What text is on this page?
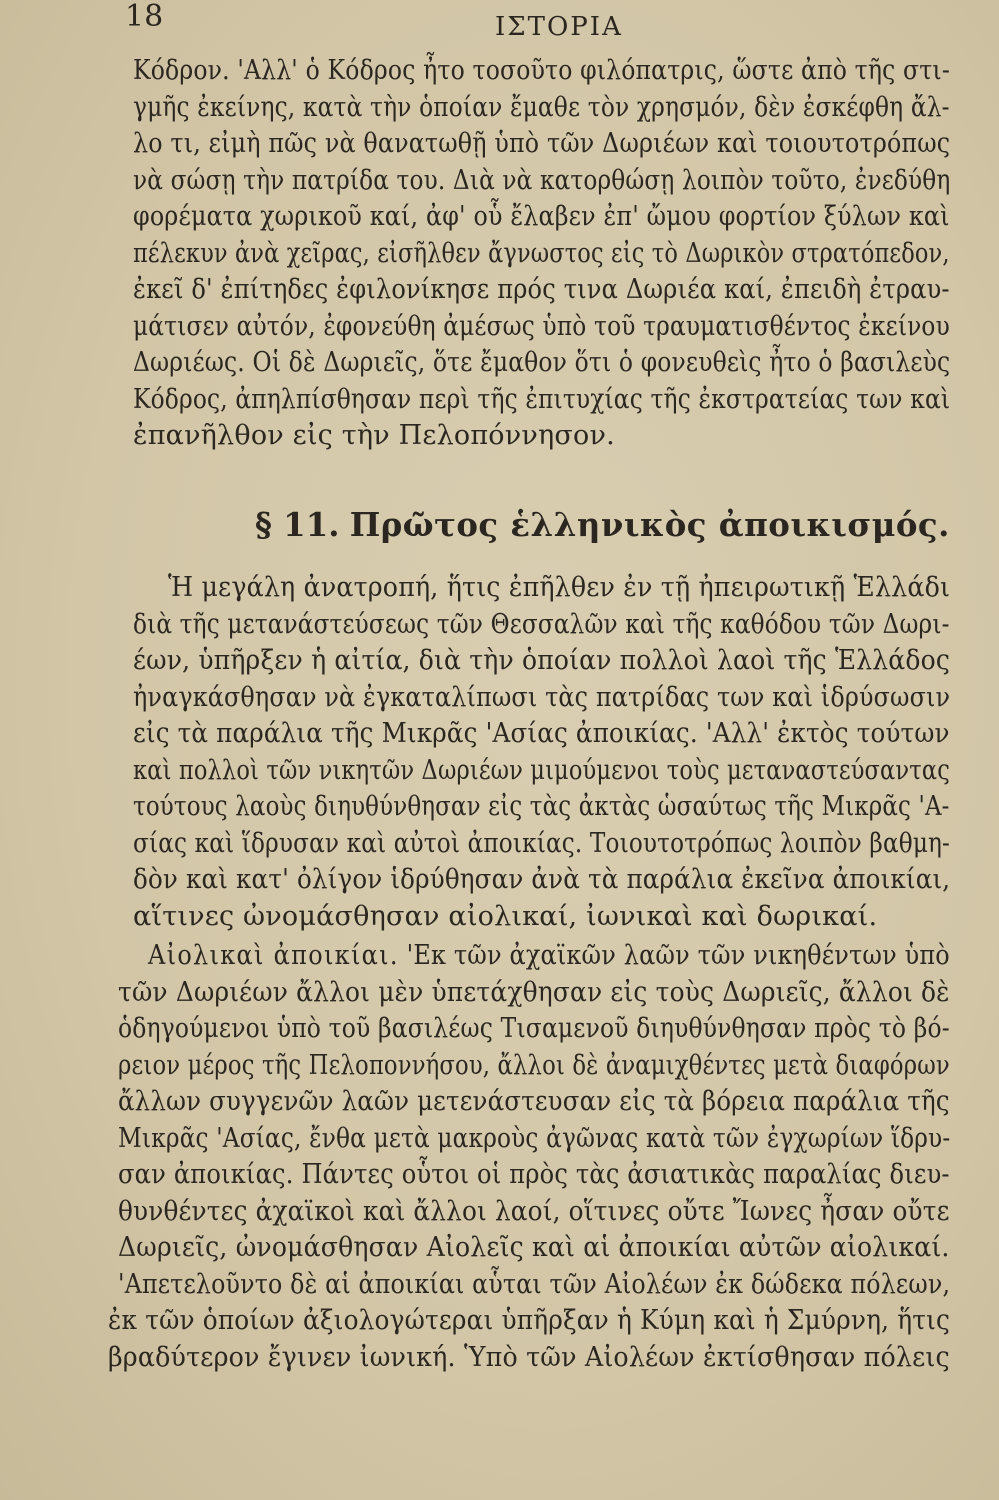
18	ΙΣΤΟΡΙΑ
Κόδρον. 'Αλλ' ὁ Κόδρος ἦτο τοσοῦτο φιλόπατρις, ὥστε ἀπὸ τῆς στι-
γμῆς ἐκείνης, κατὰ τὴν ὁποίαν ἔμαθε τὸν χρησμόν, δὲν ἐσκέφθη ἄλ-
λο τι, εἰμὴ πῶς νὰ θανατωθῇ ὑπὸ τῶν Δωριέων καὶ τοιουτοτρόπως
νὰ σώσῃ τὴν πατρίδα του. Διὰ νὰ κατορθώσῃ λοιπὸν τοῦτο, ἐνεδύθη
φορέματα χωρικοῦ καί, ἀφ' οὗ ἔλαβεν ἐπ' ὤμου φορτίον ξύλων καὶ
πέλεκυν ἀνὰ χεῖρας, εἰσῆλθεν ἄγνωστος εἰς τὸ Δωρικὸν στρατόπεδον,
ἐκεῖ δ' ἐπίτηδες ἐφιλονίκησε πρός τινα Δωριέα καί, ἐπειδὴ ἐτραυ-
μάτισεν αὐτόν, ἐφονεύθη ἀμέσως ὑπὸ τοῦ τραυματισθέντος ἐκείνου
Δωριέως. Οἱ δὲ Δωριεῖς, ὅτε ἔμαθον ὅτι ὁ φονευθεὶς ἦτο ὁ βασιλεὺς
Κόδρος, ἀπηλπίσθησαν περὶ τῆς ἐπιτυχίας τῆς ἐκστρατείας των καὶ
ἐπανῆλθον εἰς τὴν Πελοπόννησον.
§ 11. Πρῶτος ἑλληνικὸς ἀποικισμός.
Ἡ μεγάλη ἀνατροπή, ἥτις ἐπῆλθεν ἐν τῇ ἠπειρωτικῇ Ἑλλάδι
διὰ τῆς μετανάστεύσεως τῶν Θεσσαλῶν καὶ τῆς καθόδου τῶν Δωρι-
έων, ὑπῆρξεν ἡ αἰτία, διὰ τὴν ὁποίαν πολλοὶ λαοὶ τῆς Ἑλλάδος
ἠναγκάσθησαν νὰ ἐγκαταλίπωσι τὰς πατρίδας των καὶ ἱδρύσωσιν
εἰς τὰ παράλια τῆς Μικρᾶς 'Ασίας ἀποικίας. 'Αλλ' ἐκτὸς τούτων
καὶ πολλοὶ τῶν νικητῶν Δωριέων μιμούμενοι τοὺς μεταναστεύσαντας
τούτους λαοὺς διηυθύνθησαν εἰς τὰς ἀκτὰς ὡσαύτως τῆς Μικρᾶς 'Α-
σίας καὶ ἵδρυσαν καὶ αὐτοὶ ἀποικίας. Τοιουτοτρόπως λοιπὸν βαθμη-
δὸν καὶ κατ' ὀλίγον ἱδρύθησαν ἀνὰ τὰ παράλια ἐκεῖνα ἀποικίαι,
αἵτινες ὠνομάσθησαν αἰολικαί, ἰωνικαὶ καὶ δωρικαί.
Αἰολικαὶ ἀποικίαι. 'Εκ τῶν ἀχαϊκῶν λαῶν τῶν νικηθέντων ὑπὸ
τῶν Δωριέων ἄλλοι μὲν ὑπετάχθησαν εἰς τοὺς Δωριεῖς, ἄλλοι δὲ
ὁδηγούμενοι ὑπὸ τοῦ βασιλέως Τισαμενοῦ διηυθύνθησαν πρὸς τὸ βό-
ρειον μέρος τῆς Πελοποννήσου, ἄλλοι δὲ ἀναμιχθέντες μετὰ διαφόρων
ἄλλων συγγενῶν λαῶν μετενάστευσαν εἰς τὰ βόρεια παράλια τῆς
Μικρᾶς 'Ασίας, ἔνθα μετὰ μακροὺς ἀγῶνας κατὰ τῶν ἐγχωρίων ἵδρυ-
σαν ἀποικίας. Πάντες οὗτοι οἱ πρὸς τὰς ἀσιατικὰς παραλίας διευ-
θυνθέντες ἀχαϊκοὶ καὶ ἄλλοι λαοί, οἵτινες οὔτε Ἴωνες ἦσαν οὔτε
Δωριεῖς, ὠνομάσθησαν Αἰολεῖς καὶ αἱ ἀποικίαι αὐτῶν αἰολικαί.
'Απετελοῦντο δὲ αἱ ἀποικίαι αὗται τῶν Αἰολέων ἐκ δώδεκα πόλεων,
ἐκ τῶν ὁποίων ἀξιολογώτεραι ὑπῆρξαν ἡ Κύμη καὶ ἡ Σμύρνη, ἥτις
βραδύτερον ἔγινεν ἰωνική. Ὑπὸ τῶν Αἰολέων ἐκτίσθησαν πόλεις
